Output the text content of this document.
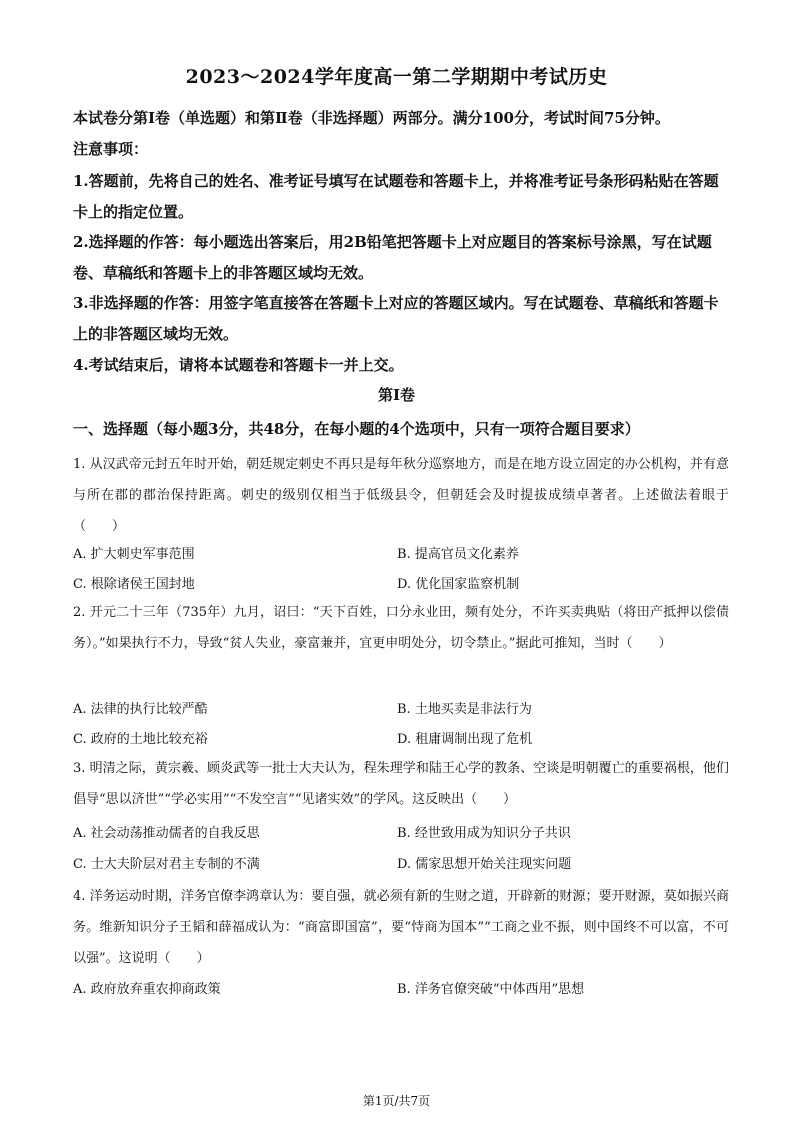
2023～2024学年度高一第二学期期中考试历史
本试卷分第Ⅰ卷（单选题）和第Ⅱ卷（非选择题）两部分。满分100分，考试时间75分钟。
注意事项：
1.答题前，先将自己的姓名、准考证号填写在试题卷和答题卡上，并将准考证号条形码粘贴在答题卡上的指定位置。
2.选择题的作答：每小题选出答案后，用2B铅笔把答题卡上对应题目的答案标号涂黑，写在试题卷、草稿纸和答题卡上的非答题区域均无效。
3.非选择题的作答：用签字笔直接答在答题卡上对应的答题区域内。写在试题卷、草稿纸和答题卡上的非答题区域均无效。
4.考试结束后，请将本试题卷和答题卡一并上交。
第Ⅰ卷
一、选择题（每小题3分，共48分，在每小题的4个选项中，只有一项符合题目要求）
1. 从汉武帝元封五年时开始，朝廷规定刺史不再只是每年秋分巡察地方，而是在地方设立固定的办公机构，并有意与所在郡的郡治保持距离。刺史的级别仅相当于低级县令，但朝廷会及时提拔成绩卓著者。上述做法着眼于（　　）
A. 扩大刺史军事范围	B. 提高官员文化素养
C. 根除诸侯王国封地	D. 优化国家监察机制
2. 开元二十三年（735年）九月，诏曰：“天下百姓，口分永业田，频有处分，不许买卖典贴（将田产抵押以偿债务）。”如果执行不力，导致“贫人失业，豪富兼并，宜更申明处分，切令禁止。”据此可推知，当时（　　）
A. 法律的执行比较严酷	B. 土地买卖是非法行为
C. 政府的土地比较充裕	D. 租庸调制出现了危机
3. 明清之际，黄宗羲、顾炎武等一批士大夫认为，程朱理学和陆王心学的教条、空谈是明朝覆亡的重要祸根，他们倡导“思以济世”“学必实用”“不发空言”“见诸实效”的学风。这反映出（　　）
A. 社会动荡推动儒者的自我反思	B. 经世致用成为知识分子共识
C. 士大夫阶层对君主专制的不满	D. 儒家思想开始关注现实问题
4. 洋务运动时期，洋务官僚李鸿章认为：要自强，就必须有新的生财之道，开辟新的财源；要开财源，莫如振兴商务。维新知识分子王韬和薛福成认为：“商富即国富”，要“恃商为国本”“工商之业不振，则中国终不可以富，不可以强”。这说明（　　）
A. 政府放弃重农抑商政策	B. 洋务官僚突破“中体西用”思想
第1页/共7页
